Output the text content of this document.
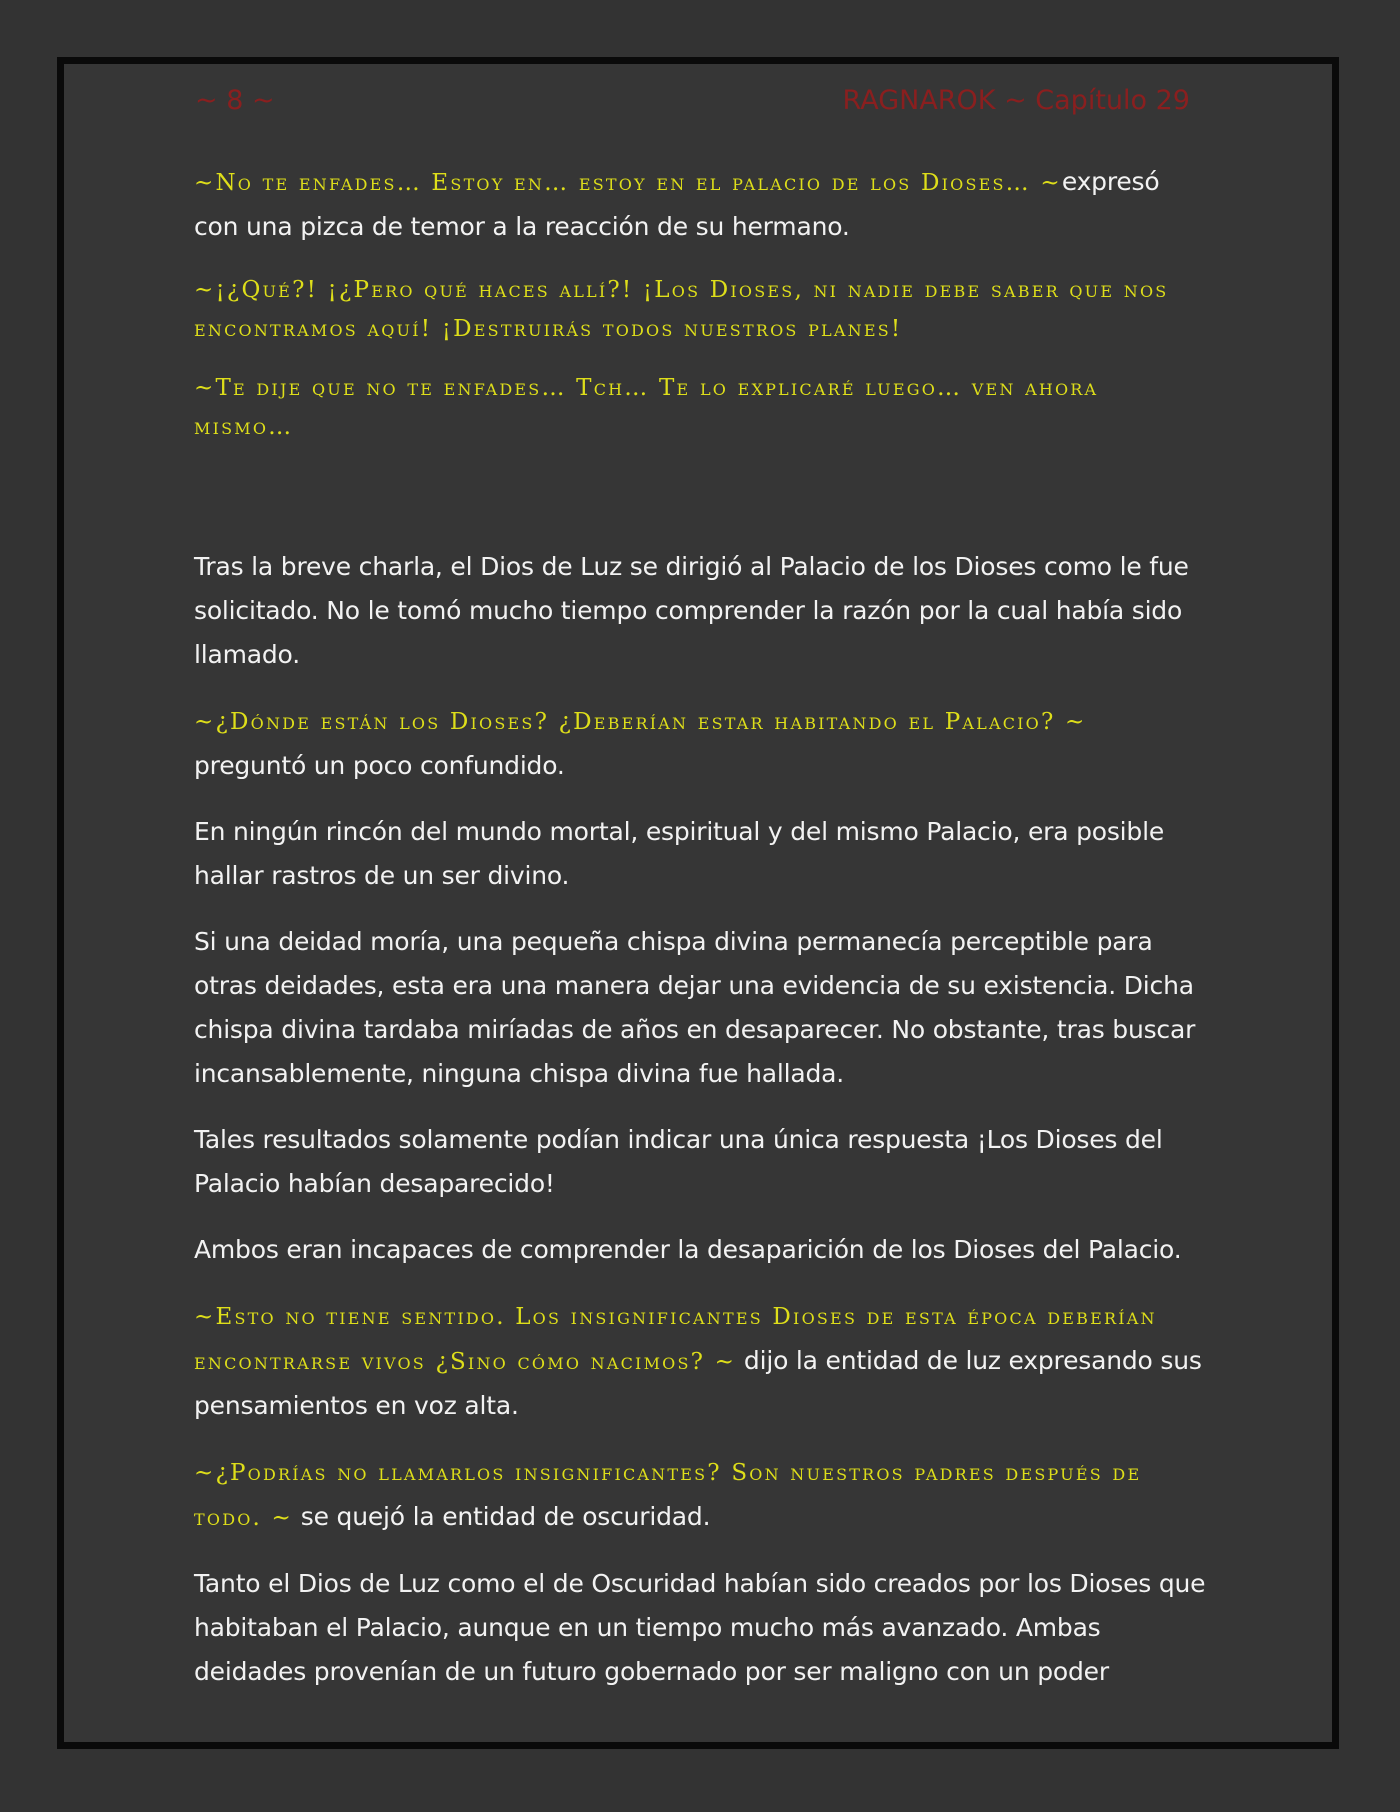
~ 8 ~	RAGNAROK ~ Capítulo 29

~No te enfades… Estoy en… estoy en el palacio de los Dioses… ~expresó con una pizca de temor a la reacción de su hermano.

~¡¿Qué?! ¡¿Pero qué haces allí?! ¡Los Dioses, ni nadie debe saber que nos encontramos aquí! ¡Destruirás todos nuestros planes!

~Te dije que no te enfades… Tch… Te lo explicaré luego… ven ahora mismo…

Tras la breve charla, el Dios de Luz se dirigió al Palacio de los Dioses como le fue solicitado. No le tomó mucho tiempo comprender la razón por la cual había sido llamado.

~¿Dónde están los Dioses? ¿Deberían estar habitando el Palacio? ~ preguntó un poco confundido.

En ningún rincón del mundo mortal, espiritual y del mismo Palacio, era posible hallar rastros de un ser divino.

Si una deidad moría, una pequeña chispa divina permanecía perceptible para otras deidades, esta era una manera dejar una evidencia de su existencia. Dicha chispa divina tardaba miríadas de años en desaparecer. No obstante, tras buscar incansablemente, ninguna chispa divina fue hallada.

Tales resultados solamente podían indicar una única respuesta ¡Los Dioses del Palacio habían desaparecido!

Ambos eran incapaces de comprender la desaparición de los Dioses del Palacio.

~Esto no tiene sentido. Los insignificantes Dioses de esta época deberían encontrarse vivos ¿Sino cómo nacimos? ~ dijo la entidad de luz expresando sus pensamientos en voz alta.

~¿Podrías no llamarlos insignificantes? Son nuestros padres después de todo. ~ se quejó la entidad de oscuridad.

Tanto el Dios de Luz como el de Oscuridad habían sido creados por los Dioses que habitaban el Palacio, aunque en un tiempo mucho más avanzado. Ambas deidades provenían de un futuro gobernado por ser maligno con un poder
